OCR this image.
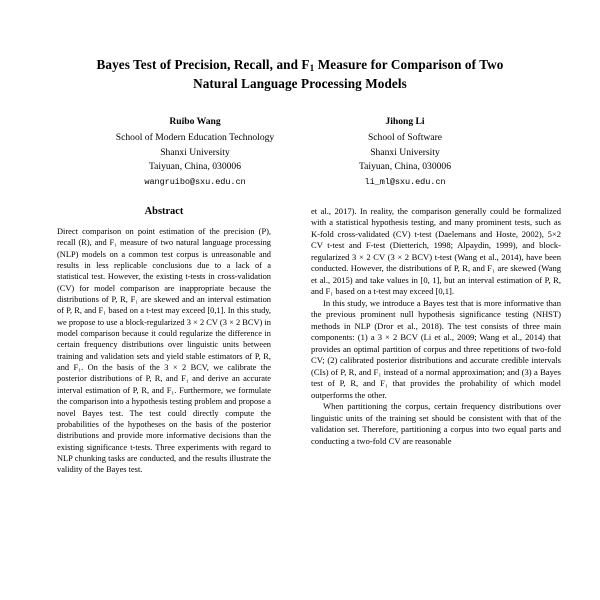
Bayes Test of Precision, Recall, and $F_1$ Measure for Comparison of Two
Natural Language Processing Models
Ruibo Wang
School of Modern Education Technology
Shanxi University
Taiyuan, China, 030006
wangruibo@sxu.edu.cn
Jihong Li
School of Software
Shanxi University
Taiyuan, China, 030006
li_ml@sxu.edu.cn
Abstract

Direct comparison on point estimation of the precision (P), recall (R), and F₁ measure of two natural language processing (NLP) models on a common test corpus is unreasonable and results in less replicable conclusions due to a lack of a statistical test. However, the existing t-tests in cross-validation (CV) for model comparison are inappropriate because the distributions of P, R, F₁ are skewed and an interval estimation of P, R, and F₁ based on a t-test may exceed [0,1]. In this study, we propose to use a block-regularized 3 × 2 CV (3 × 2 BCV) in model comparison because it could regularize the difference in certain frequency distributions over linguistic units between training and validation sets and yield stable estimators of P, R, and F₁. On the basis of the 3 × 2 BCV, we calibrate the posterior distributions of P, R, and F₁ and derive an accurate interval estimation of P, R, and F₁. Furthermore, we formulate the comparison into a hypothesis testing problem and propose a novel Bayes test. The test could directly compute the probabilities of the hypotheses on the basis of the posterior distributions and provide more informative decisions than the existing significance t-tests. Three experiments with regard to NLP chunking tasks are conducted, and the results illustrate the validity of the Bayes test.

et al., 2017). In reality, the comparison generally could be formalized with a statistical hypothesis testing, and many prominent tests, such as K-fold cross-validated (CV) t-test (Daelemans and Hoste, 2002), 5×2 CV t-test and F-test (Dietterich, 1998; Alpaydin, 1999), and block-regularized 3 × 2 CV (3 × 2 BCV) t-test (Wang et al., 2014), have been conducted. However, the distributions of P, R, and F₁ are skewed (Wang et al., 2015) and take values in [0, 1], but an interval estimation of P, R, and F₁ based on a t-test may exceed [0,1].

In this study, we introduce a Bayes test that is more informative than the previous prominent null hypothesis significance testing (NHST) methods in NLP (Dror et al., 2018). The test consists of three main components: (1) a 3 × 2 BCV (Li et al., 2009; Wang et al., 2014) that provides an optimal partition of corpus and three repetitions of two-fold CV; (2) calibrated posterior distributions and accurate credible intervals (CIs) of P, R, and F₁ instead of a normal approximation; and (3) a Bayes test of P, R, and F₁ that provides the probability of which model outperforms the other.

When partitioning the corpus, certain frequency distributions over linguistic units of the training set should be consistent with that of the validation set. Therefore, partitioning a corpus into two equal parts and conducting a two-fold CV are reasonable
